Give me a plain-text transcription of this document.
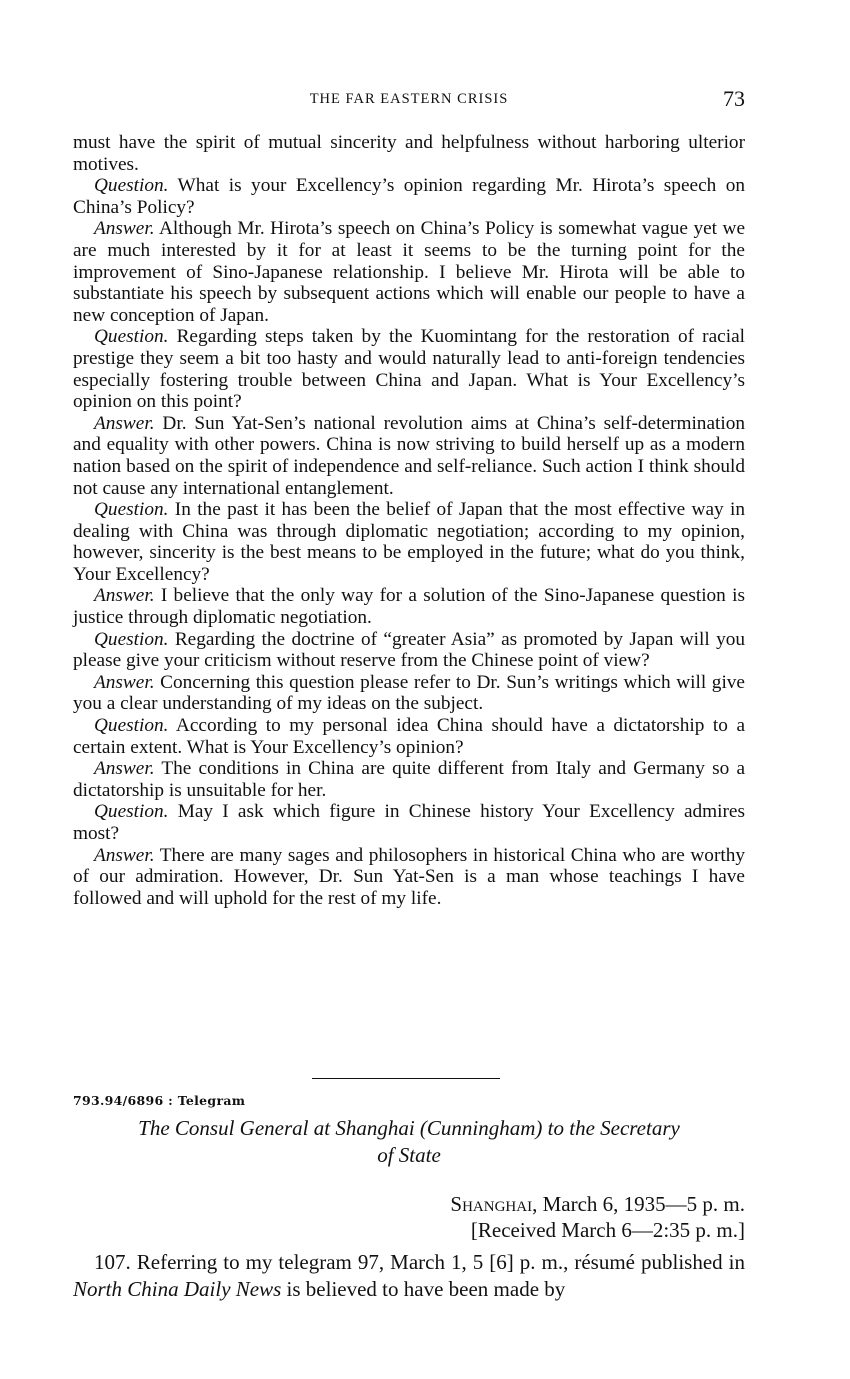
THE FAR EASTERN CRISIS	73

must have the spirit of mutual sincerity and helpfulness without harboring ulterior motives.

Question. What is your Excellency’s opinion regarding Mr. Hirota’s speech on China’s Policy?

Answer. Although Mr. Hirota’s speech on China’s Policy is somewhat vague yet we are much interested by it for at least it seems to be the turning point for the improvement of Sino-Japanese relationship. I believe Mr. Hirota will be able to substantiate his speech by subsequent actions which will enable our people to have a new conception of Japan.

Question. Regarding steps taken by the Kuomintang for the restoration of racial prestige they seem a bit too hasty and would naturally lead to anti-foreign tendencies especially fostering trouble between China and Japan. What is Your Excellency’s opinion on this point?

Answer. Dr. Sun Yat-Sen’s national revolution aims at China’s self-determination and equality with other powers. China is now striving to build herself up as a modern nation based on the spirit of independence and self-reliance. Such action I think should not cause any international entanglement.

Question. In the past it has been the belief of Japan that the most effective way in dealing with China was through diplomatic negotiation; according to my opinion, however, sincerity is the best means to be employed in the future; what do you think, Your Excellency?

Answer. I believe that the only way for a solution of the Sino-Japanese question is justice through diplomatic negotiation.

Question. Regarding the doctrine of “greater Asia” as promoted by Japan will you please give your criticism without reserve from the Chinese point of view?

Answer. Concerning this question please refer to Dr. Sun’s writings which will give you a clear understanding of my ideas on the subject.

Question. According to my personal idea China should have a dictatorship to a certain extent. What is Your Excellency’s opinion?

Answer. The conditions in China are quite different from Italy and Germany so a dictatorship is unsuitable for her.

Question. May I ask which figure in Chinese history Your Excellency admires most?

Answer. There are many sages and philosophers in historical China who are worthy of our admiration. However, Dr. Sun Yat-Sen is a man whose teachings I have followed and will uphold for the rest of my life.

793.94/6896 : Telegram
The Consul General at Shanghai (Cunningham) to the Secretary
of State
Shanghai, March 6, 1935—5 p. m.
[Received March 6—2:35 p. m.]

107. Referring to my telegram 97, March 1, 5 [6] p. m., résumé published in North China Daily News is believed to have been made by
